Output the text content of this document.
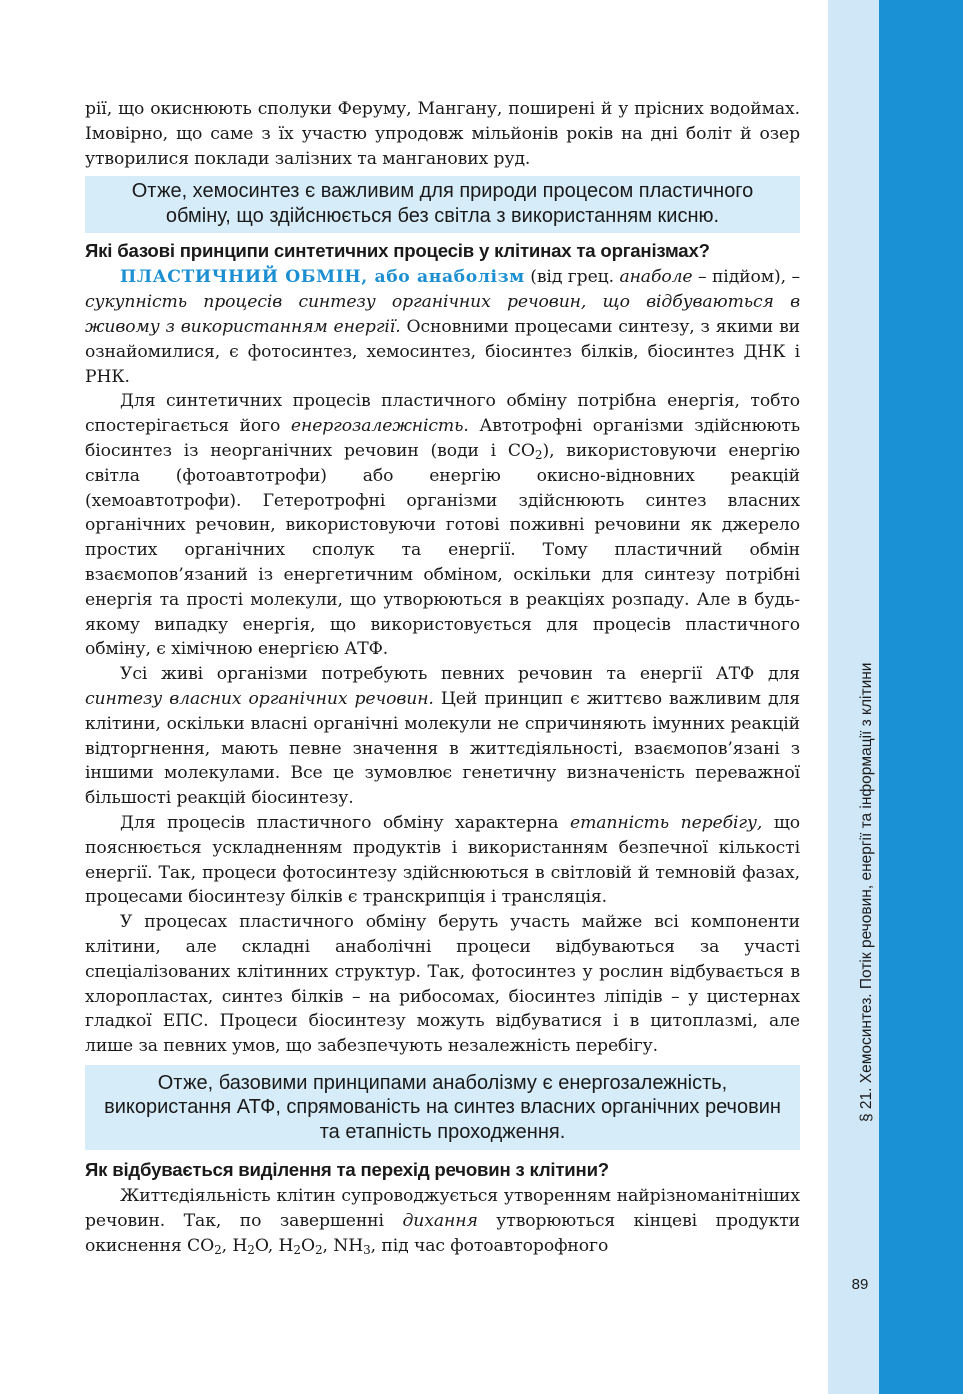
§ 21. Хемосинтез. Потік речовин, енергії та інформації з клітини
89

рії, що окиснюють сполуки Феруму, Мангану, поширені й у прісних водоймах. Імовірно, що саме з їх участю упродовж мільйонів років на дні боліт й озер утворилися поклади залізних та манганових руд.

Отже, хемосинтез є важливим для природи процесом пластичного обміну, що здійснюється без світла з використанням кисню.
Які базові принципи синтетичних процесів у клітинах та організмах?

ПЛАСТИЧНИЙ ОБМІН, або анаболізм (від грец. анаболе – підйом), – сукупність процесів синтезу органічних речовин, що відбуваються в живому з використанням енергії. Основними процесами синтезу, з якими ви ознайомилися, є фотосинтез, хемосинтез, біосинтез білків, біосинтез ДНК і РНК.

Для синтетичних процесів пластичного обміну потрібна енергія, тобто спостерігається його енергозалежність. Автотрофні організми здійснюють біосинтез із неорганічних речовин (води і $СО_2$), використовуючи енергію світла (фотоавтотрофи) або енергію окисно-відновних реакцій (хемоавтотрофи). Гетеротрофні організми здійснюють синтез власних органічних речовин, використовуючи готові поживні речовини як джерело простих органічних сполук та енергії. Тому пластичний обмін взаємопов’язаний із енергетичним обміном, оскільки для синтезу потрібні енергія та прості молекули, що утворюються в реакціях розпаду. Але в будь-якому випадку енергія, що використовується для процесів пластичного обміну, є хімічною енергією АТФ.

Усі живі організми потребують певних речовин та енергії АТФ для синтезу власних органічних речовин. Цей принцип є життєво важливим для клітини, оскільки власні органічні молекули не спричиняють імунних реакцій відторгнення, мають певне значення в життєдіяльності, взаємопов’язані з іншими молекулами. Все це зумовлює генетичну визначеність переважної більшості реакцій біосинтезу.

Для процесів пластичного обміну характерна етапність перебігу, що пояснюється ускладненням продуктів і використанням безпечної кількості енергії. Так, процеси фотосинтезу здійснюються в світловій й темновій фазах, процесами біосинтезу білків є транскрипція і трансляція.

У процесах пластичного обміну беруть участь майже всі компоненти клітини, але складні анаболічні процеси відбуваються за участі спеціалізованих клітинних структур. Так, фотосинтез у рослин відбувається в хлоропластах, синтез білків – на рибосомах, біосинтез ліпідів – у цистернах гладкої ЕПС. Процеси біосинтезу можуть відбуватися і в цитоплазмі, але лише за певних умов, що забезпечують незалежність перебігу.

Отже, базовими принципами анаболізму є енергозалежність, використання АТФ, спрямованість на синтез власних органічних речовин та етапність проходження.
Як відбувається виділення та перехід речовин з клітини?

Життєдіяльність клітин супроводжується утворенням найрізноманітніших речовин. Так, по завершенні дихання утворюються кінцеві продукти окиснення $CO_2$, $H_2O$, $H_2O_2$, $NH_3$, під час фотоавторофного
